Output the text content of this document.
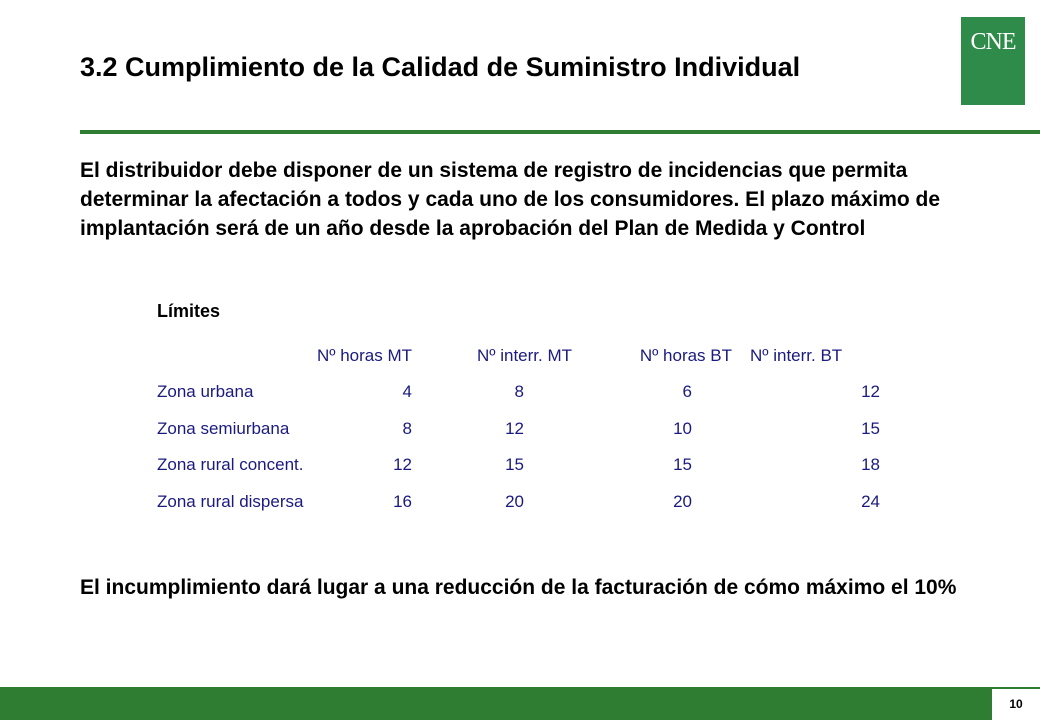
3.2 Cumplimiento de la Calidad de Suministro Individual
CNE

El distribuidor debe disponer de un sistema de registro de incidencias que permita determinar la afectación a todos y cada uno de los consumidores. El plazo máximo de implantación será de un año desde la aprobación del Plan de Medida y Control

Límites
	Nº horas MT	Nº interr. MT	Nº horas BT	Nº interr. BT
Zona urbana	4	8	6	12
Zona semiurbana	8	12	10	15
Zona rural concent.	12	15	15	18
Zona rural dispersa	16	20	20	24

El incumplimiento dará lugar a una reducción de la facturación de cómo máximo el 10%

10
